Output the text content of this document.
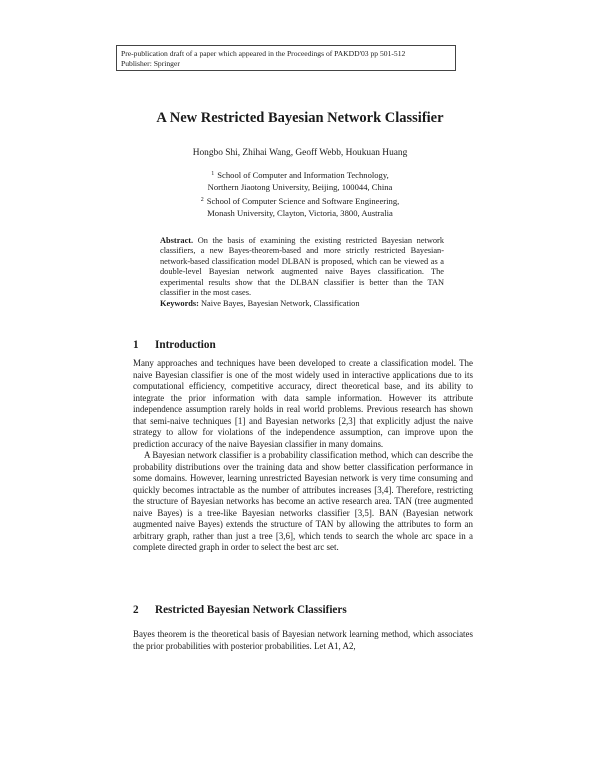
Pre-publication draft of a paper which appeared in the Proceedings of PAKDD'03 pp 501-512
Publisher: Springer
A New Restricted Bayesian Network Classifier
Hongbo Shi, Zhihai Wang, Geoff Webb, Houkuan Huang
$^1$ School of Computer and Information Technology,
Northern Jiaotong University, Beijing, 100044, China
$^2$ School of Computer Science and Software Engineering,
Monash University, Clayton, Victoria, 3800, Australia
Abstract. On the basis of examining the existing restricted Bayesian network classifiers, a new Bayes-theorem-based and more strictly restricted Bayesian-network-based classification model DLBAN is proposed, which can be viewed as a double-level Bayesian network augmented naive Bayes classification. The experimental results show that the DLBAN classifier is better than the TAN classifier in the most cases.
Keywords: Naive Bayes, Bayesian Network, Classification
1 Introduction

Many approaches and techniques have been developed to create a classification model. The naive Bayesian classifier is one of the most widely used in interactive applications due to its computational efficiency, competitive accuracy, direct theoretical base, and its ability to integrate the prior information with data sample information. However its attribute independence assumption rarely holds in real world problems. Previous research has shown that semi-naive techniques [1] and Bayesian networks [2,3] that explicitly adjust the naive strategy to allow for violations of the independence assumption, can improve upon the prediction accuracy of the naive Bayesian classifier in many domains.

A Bayesian network classifier is a probability classification method, which can describe the probability distributions over the training data and show better classification performance in some domains. However, learning unrestricted Bayesian network is very time consuming and quickly becomes intractable as the number of attributes increases [3,4]. Therefore, restricting the structure of Bayesian networks has become an active research area. TAN (tree augmented naive Bayes) is a tree-like Bayesian networks classifier [3,5]. BAN (Bayesian network augmented naive Bayes) extends the structure of TAN by allowing the attributes to form an arbitrary graph, rather than just a tree [3,6], which tends to search the whole arc space in a complete directed graph in order to select the best arc set.

2 Restricted Bayesian Network Classifiers

Bayes theorem is the theoretical basis of Bayesian network learning method, which associates the prior probabilities with posterior probabilities. Let A1, A2,
